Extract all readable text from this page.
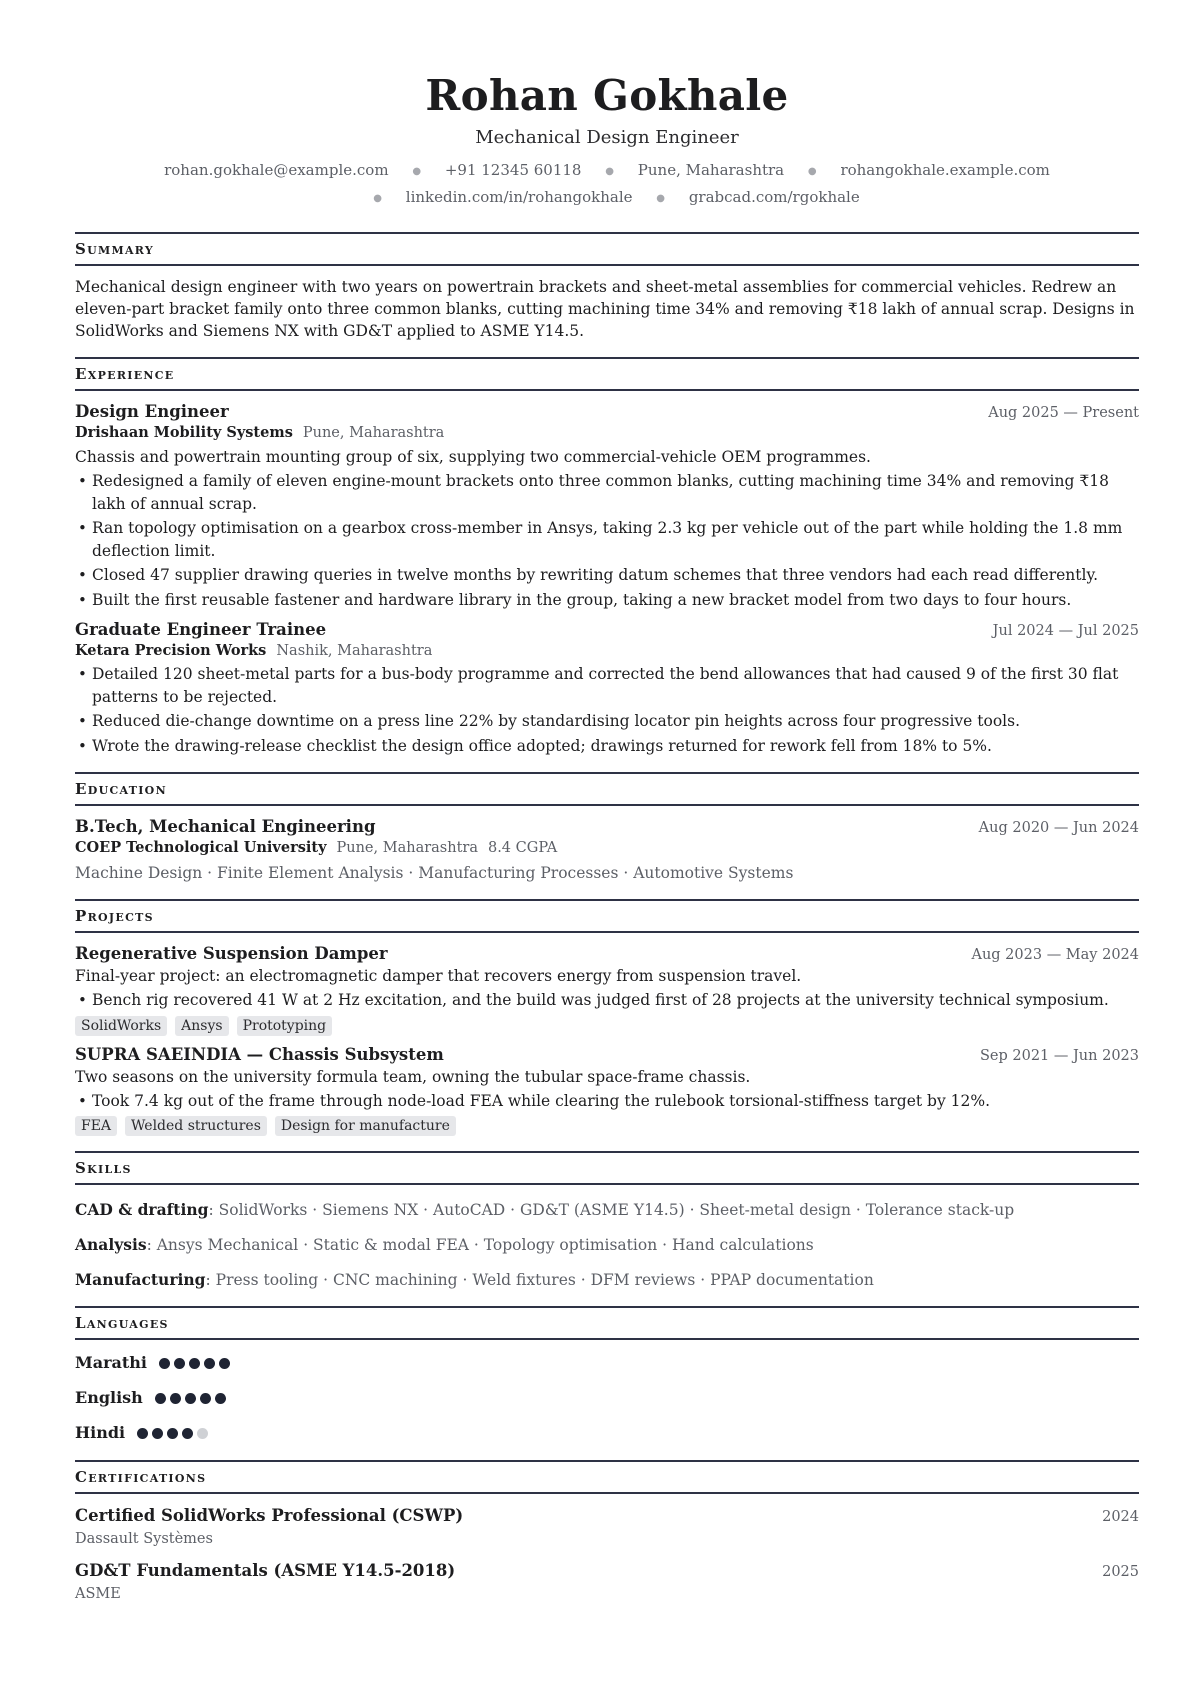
Rohan Gokhale
Mechanical Design Engineer
rohan.gokhale@example.com ● +91 12345 60118 ● Pune, Maharashtra ● rohangokhale.example.com
● linkedin.com/in/rohangokhale ● grabcad.com/rgokhale
Summary
Mechanical design engineer with two years on powertrain brackets and sheet-metal assemblies for commercial vehicles. Redrew an eleven-part bracket family onto three common blanks, cutting machining time 34% and removing ₹18 lakh of annual scrap. Designs in SolidWorks and Siemens NX with GD&T applied to ASME Y14.5.
Experience
Design Engineer	Aug 2025 — Present
Drishaan Mobility Systems Pune, Maharashtra
Chassis and powertrain mounting group of six, supplying two commercial-vehicle OEM programmes.
• Redesigned a family of eleven engine-mount brackets onto three common blanks, cutting machining time 34% and removing ₹18 lakh of annual scrap.
• Ran topology optimisation on a gearbox cross-member in Ansys, taking 2.3 kg per vehicle out of the part while holding the 1.8 mm deflection limit.
• Closed 47 supplier drawing queries in twelve months by rewriting datum schemes that three vendors had each read differently.
• Built the first reusable fastener and hardware library in the group, taking a new bracket model from two days to four hours.
Graduate Engineer Trainee	Jul 2024 — Jul 2025
Ketara Precision Works Nashik, Maharashtra
• Detailed 120 sheet-metal parts for a bus-body programme and corrected the bend allowances that had caused 9 of the first 30 flat patterns to be rejected.
• Reduced die-change downtime on a press line 22% by standardising locator pin heights across four progressive tools.
• Wrote the drawing-release checklist the design office adopted; drawings returned for rework fell from 18% to 5%.
Education
B.Tech, Mechanical Engineering	Aug 2020 — Jun 2024
COEP Technological University Pune, Maharashtra 8.4 CGPA
Machine Design · Finite Element Analysis · Manufacturing Processes · Automotive Systems
Projects
Regenerative Suspension Damper	Aug 2023 — May 2024
Final-year project: an electromagnetic damper that recovers energy from suspension travel.
• Bench rig recovered 41 W at 2 Hz excitation, and the build was judged first of 28 projects at the university technical symposium.
SolidWorks	Ansys	Prototyping
SUPRA SAEINDIA — Chassis Subsystem	Sep 2021 — Jun 2023
Two seasons on the university formula team, owning the tubular space-frame chassis.
• Took 7.4 kg out of the frame through node-load FEA while clearing the rulebook torsional-stiffness target by 12%.
FEA	Welded structures	Design for manufacture
Skills
CAD & drafting: SolidWorks · Siemens NX · AutoCAD · GD&T (ASME Y14.5) · Sheet-metal design · Tolerance stack-up
Analysis: Ansys Mechanical · Static & modal FEA · Topology optimisation · Hand calculations
Manufacturing: Press tooling · CNC machining · Weld fixtures · DFM reviews · PPAP documentation
Languages
Marathi
English
Hindi
Certifications
Certified SolidWorks Professional (CSWP)	2024
Dassault Systèmes
GD&T Fundamentals (ASME Y14.5-2018)	2025
ASME
